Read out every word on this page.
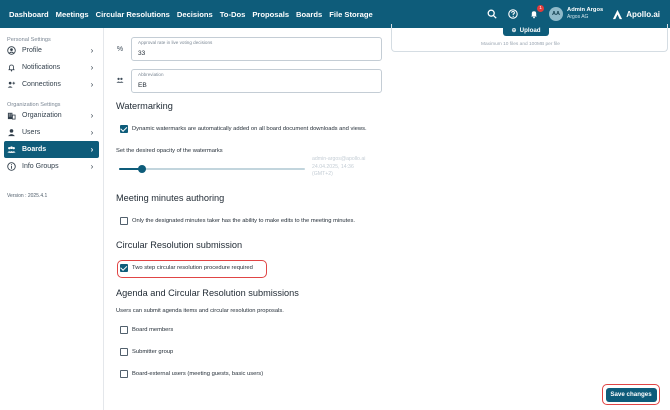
Dashboard Meetings Circular Resolutions Decisions To-Dos Proposals Boards File Storage
1
AA
Admin Argos
Argos AG	Apollo.ai
Personal Settings
Profile	›
Notifications	›
Connections	›
Organization Settings
Organization	›
Users	›
Boards	›
Info Groups	›
Version : 2025.4.1
⊕ Upload
Maximum 10 files and 100MB per file
%
Approval rate in live voting decisions
33
Abbreviation
EB
Watermarking
Dynamic watermarks are automatically added on all board document downloads and views.
Set the desired opacity of the watermarks
admin-argos@apollo.ai
24.04.2025, 14:36
(GMT+2)
Meeting minutes authoring
Only the designated minutes taker has the ability to make edits to the meeting minutes.
Circular Resolution submission
Two step circular resolution procedure required
Agenda and Circular Resolution submissions
Users can submit agenda items and circular resolution proposals.
Board members
Submitter group
Board-external users (meeting guests, basic users)
Save changes
